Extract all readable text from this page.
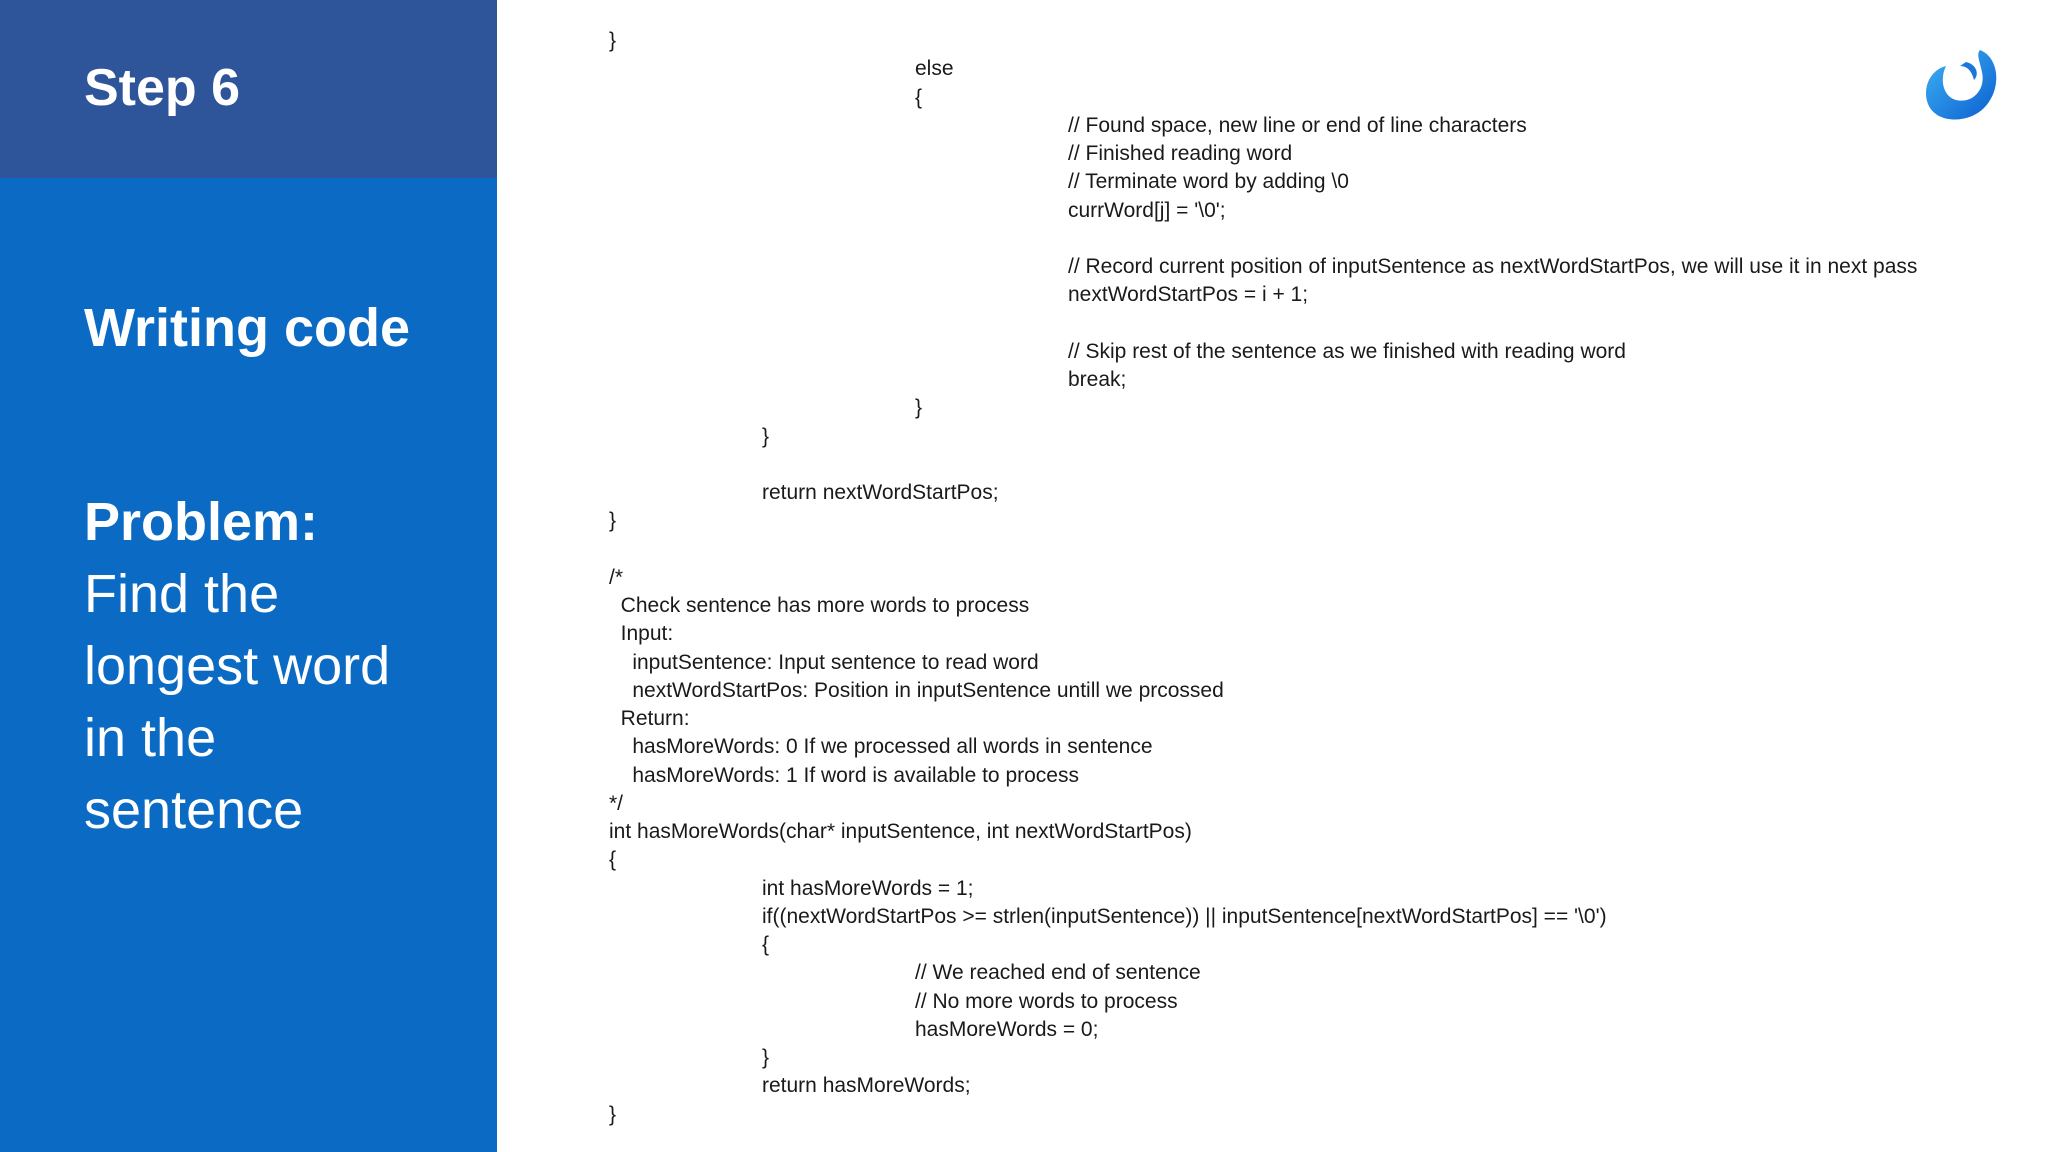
Step 6
Writing code
Problem:
Find the longest word in the sentence
}
else
{
// Found space, new line or end of line characters
// Finished reading word
// Terminate word by adding \0
currWord[j] = '\0';
// Record current position of inputSentence as nextWordStartPos, we will use it in next pass
nextWordStartPos = i + 1;
// Skip rest of the sentence as we finished with reading word
break;
}
}
return nextWordStartPos;
}
/*
Check sentence has more words to process
Input:
inputSentence: Input sentence to read word
nextWordStartPos: Position in inputSentence untill we prcossed
Return:
hasMoreWords: 0 If we processed all words in sentence
hasMoreWords: 1 If word is available to process
*/
int hasMoreWords(char* inputSentence, int nextWordStartPos)
{
int hasMoreWords = 1;
if((nextWordStartPos >= strlen(inputSentence)) || inputSentence[nextWordStartPos] == '\0')
{
// We reached end of sentence
// No more words to process
hasMoreWords = 0;
}
return hasMoreWords;
}
